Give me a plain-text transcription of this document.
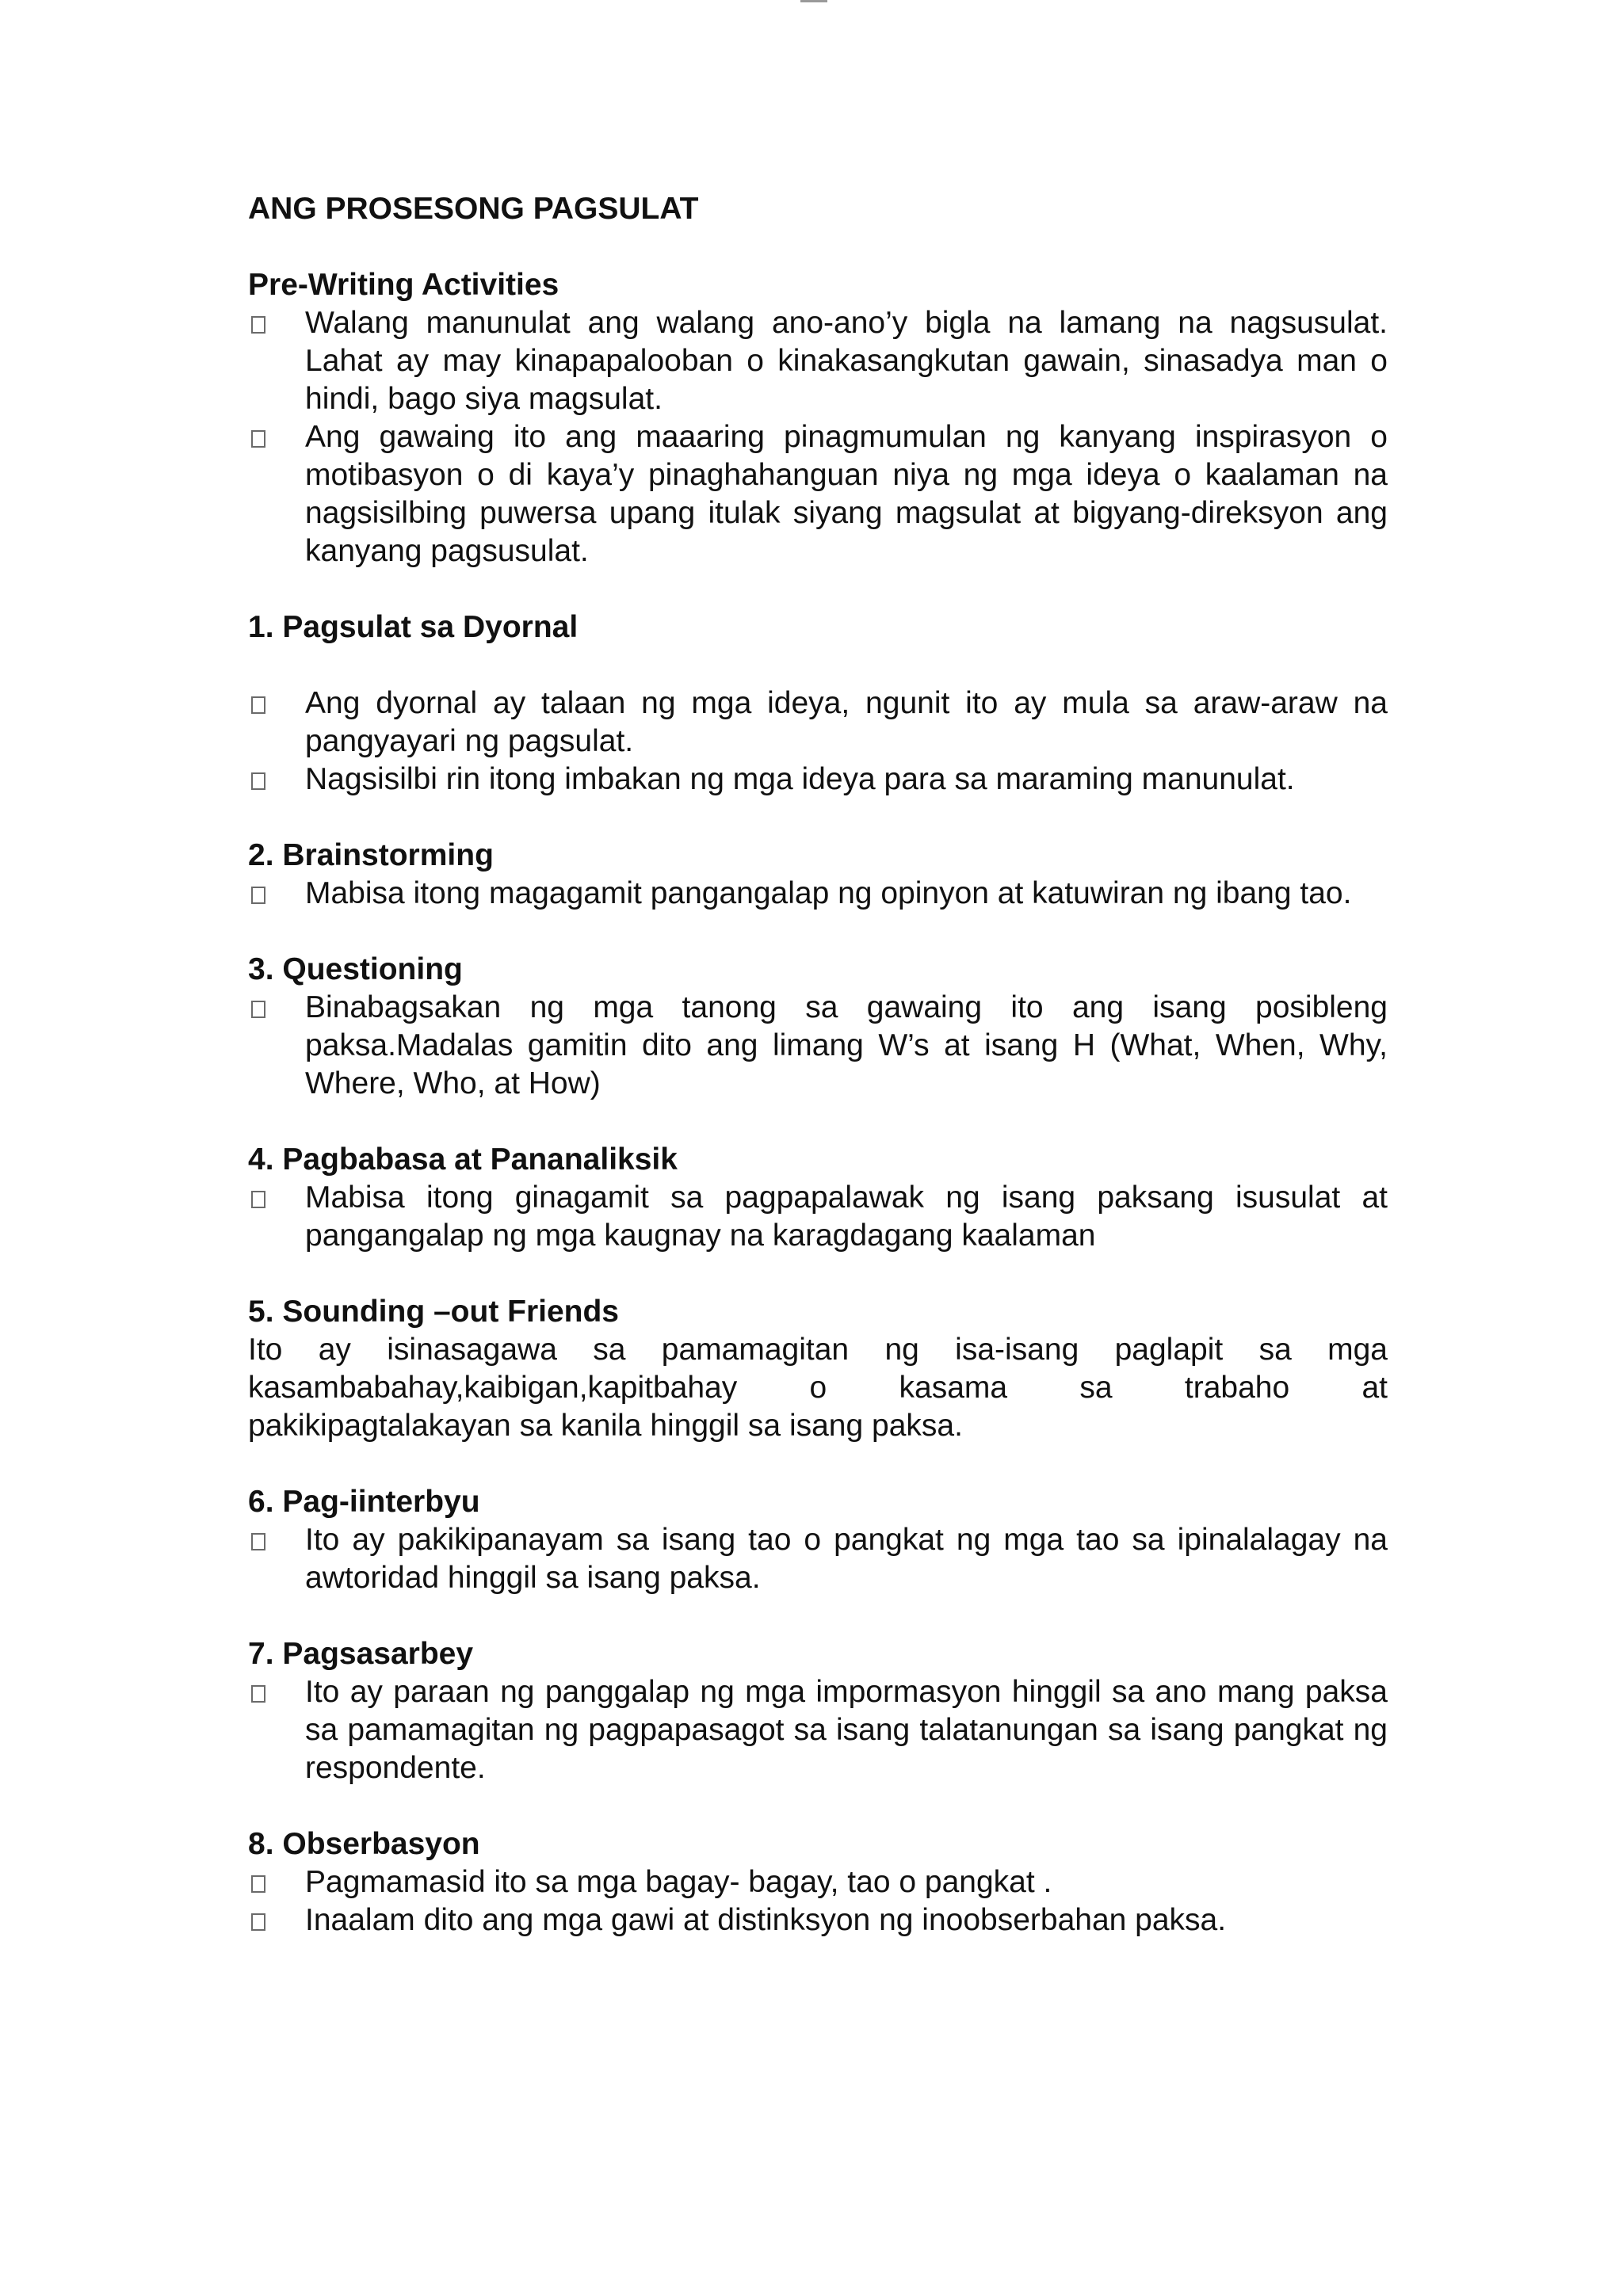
ANG PROSESONG PAGSULAT
Pre-Writing Activities
Walang manunulat ang walang ano-ano’y bigla na lamang na nagsusulat. Lahat ay may kinapapalooban o kinakasangkutan gawain, sinasadya man o hindi, bago siya magsulat.
Ang gawaing ito ang maaaring pinagmumulan ng kanyang inspirasyon o motibasyon o di kaya’y pinaghahanguan niya ng mga ideya o kaalaman na nagsisilbing puwersa upang itulak siyang magsulat at bigyang-direksyon ang kanyang pagsusulat.
1. Pagsulat sa Dyornal
Ang dyornal ay talaan ng mga ideya, ngunit ito ay mula sa araw-araw na pangyayari ng pagsulat.
Nagsisilbi rin itong imbakan ng mga ideya para sa maraming manunulat.
2. Brainstorming
Mabisa itong magagamit pangangalap ng opinyon at katuwiran ng ibang tao.
3. Questioning
Binabagsakan ng mga tanong sa gawaing ito ang isang posibleng paksa.Madalas gamitin dito ang limang W’s at isang H (What, When, Why, Where, Who, at How)
4. Pagbabasa at Pananaliksik
Mabisa itong ginagamit sa pagpapalawak ng isang paksang isusulat at pangangalap ng mga kaugnay na karagdagang kaalaman
5. Sounding –out Friends
Ito ay isinasagawa sa pamamagitan ng isa-isang paglapit sa mga
kasambabahay,kaibigan,kapitbahay o kasama sa trabaho at
pakikipagtalakayan sa kanila hinggil sa isang paksa.
6. Pag-iinterbyu
Ito ay pakikipanayam sa isang tao o pangkat ng mga tao sa ipinalalagay na awtoridad hinggil sa isang paksa.
7. Pagsasarbey
Ito ay paraan ng panggalap ng mga impormasyon hinggil sa ano mang paksa sa pamamagitan ng pagpapasagot sa isang talatanungan sa isang pangkat ng respondente.
8. Obserbasyon
Pagmamasid ito sa mga bagay- bagay, tao o pangkat .
Inaalam dito ang mga gawi at distinksyon ng inoobserbahan paksa.
